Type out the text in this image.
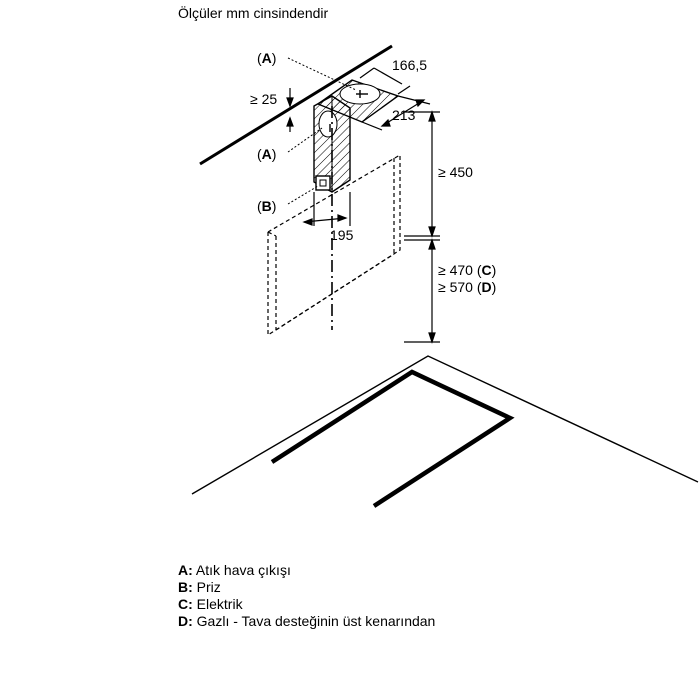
Ölçüler mm cinsindendir
≥ 450
≥ 470 (C)
≥ 570 (D)
166,5
213
≥ 25
195
(A)
(A)
(B)
A: Atık hava çıkışı
B: Priz
C: Elektrik
D: Gazlı - Tava desteğinin üst kenarından
